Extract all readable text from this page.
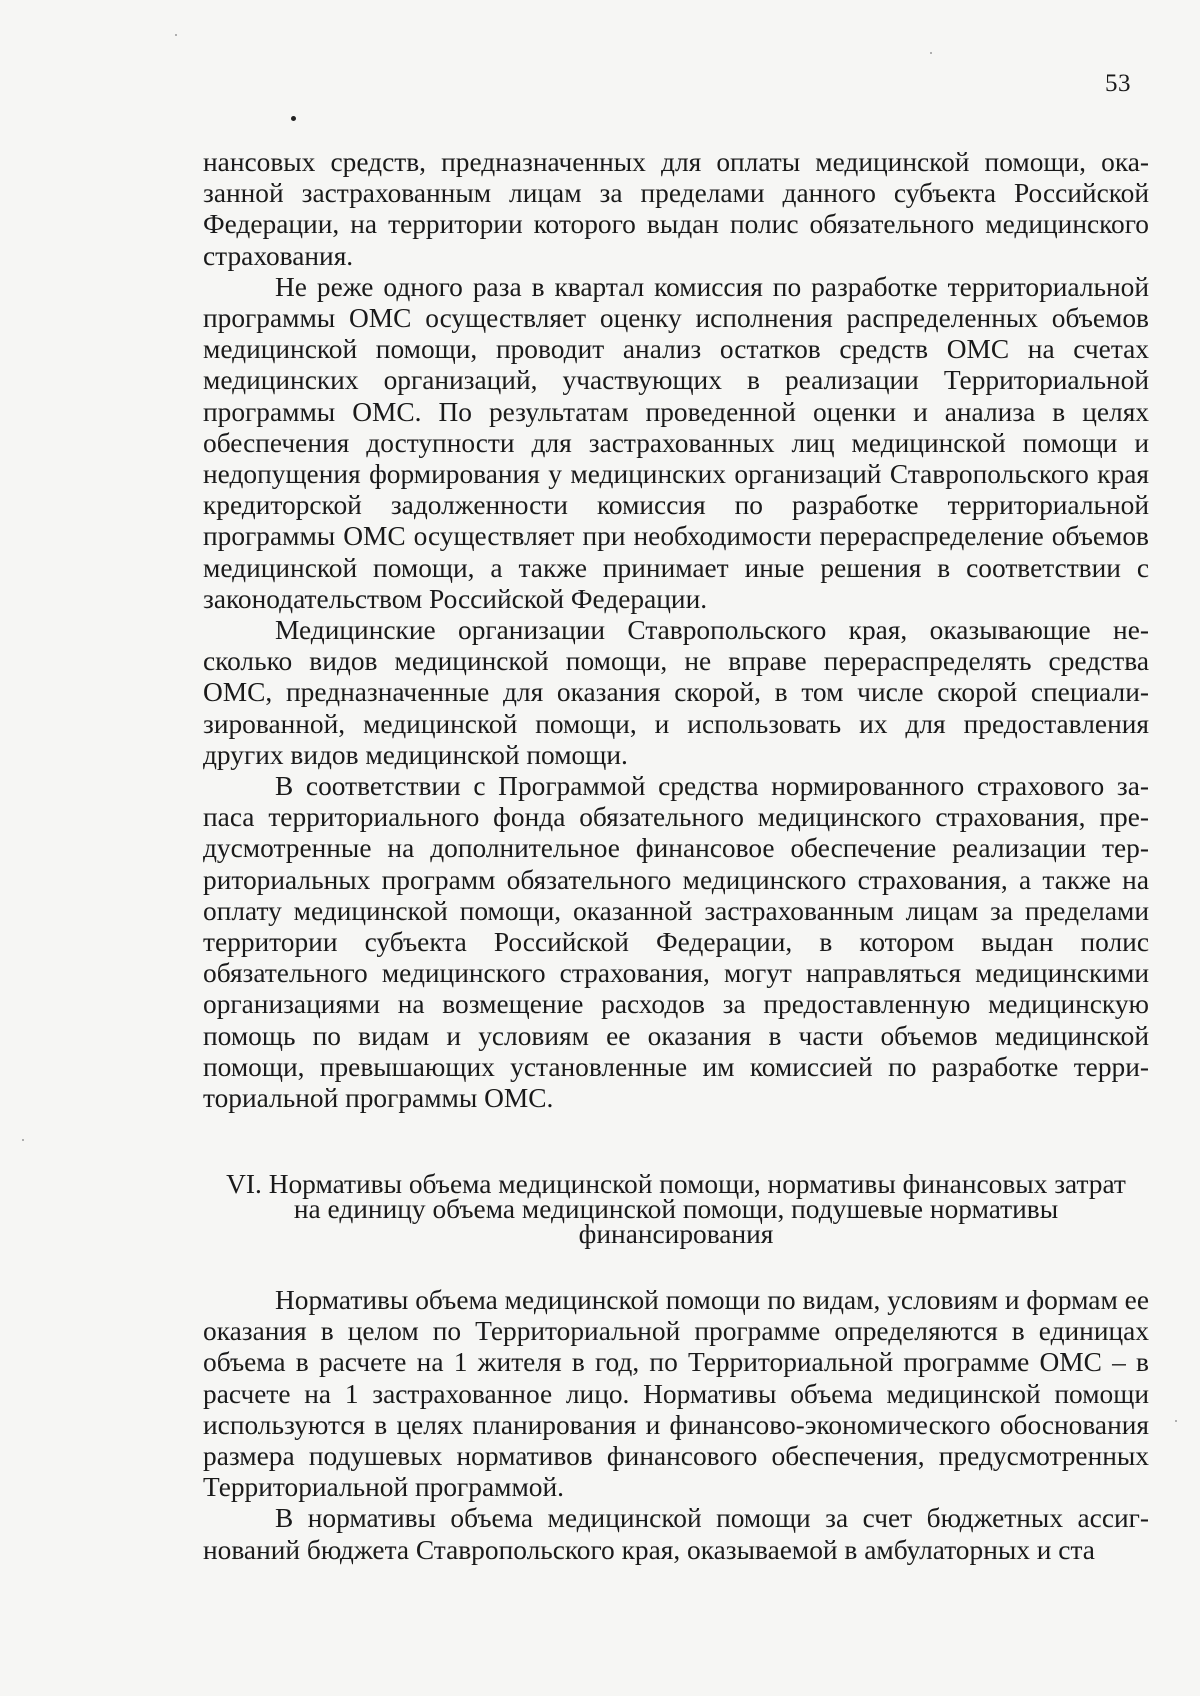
53

нансовых средств, предназначенных для оплаты медицинской помощи, оказанной застрахованным лицам за пределами данного субъекта Российской Федерации, на территории которого выдан полис обязательного медицинского страхования.

Не реже одного раза в квартал комиссия по разработке территориальной программы ОМС осуществляет оценку исполнения распределенных объемов медицинской помощи, проводит анализ остатков средств ОМС на счетах медицинских организаций, участвующих в реализации Территориальной программы ОМС. По результатам проведенной оценки и анализа в целях обеспечения доступности для застрахованных лиц медицинской помощи и недопущения формирования у медицинских организаций Ставропольского края кредиторской задолженности комиссия по разработке территориальной программы ОМС осуществляет при необходимости перераспределение объемов медицинской помощи, а также принимает иные решения в соответствии с законодательством Российской Федерации.

Медицинские организации Ставропольского края, оказывающие несколько видов медицинской помощи, не вправе перераспределять средства ОМС, предназначенные для оказания скорой, в том числе скорой специализированной, медицинской помощи, и использовать их для предоставления других видов медицинской помощи.

В соответствии с Программой средства нормированного страхового запаса территориального фонда обязательного медицинского страхования, предусмотренные на дополнительное финансовое обеспечение реализации территориальных программ обязательного медицинского страхования, а также на оплату медицинской помощи, оказанной застрахованным лицам за пределами территории субъекта Российской Федерации, в котором выдан полис обязательного медицинского страхования, могут направляться медицинскими организациями на возмещение расходов за предоставленную медицинскую помощь по видам и условиям ее оказания в части объемов медицинской помощи, превышающих установленные им комиссией по разработке территориальной программы ОМС.

VI. Нормативы объема медицинской помощи, нормативы финансовых затрат
на единицу объема медицинской помощи, подушевые нормативы
финансирования

Нормативы объема медицинской помощи по видам, условиям и формам ее оказания в целом по Территориальной программе определяются в единицах объема в расчете на 1 жителя в год, по Территориальной программе ОМС – в расчете на 1 застрахованное лицо. Нормативы объема медицинской помощи используются в целях планирования и финансово-экономического обоснования размера подушевых нормативов финансового обеспечения, предусмотренных Территориальной программой.

В нормативы объема медицинской помощи за счет бюджетных ассигнований бюджета Ставропольского края, оказываемой в амбулаторных и ста
